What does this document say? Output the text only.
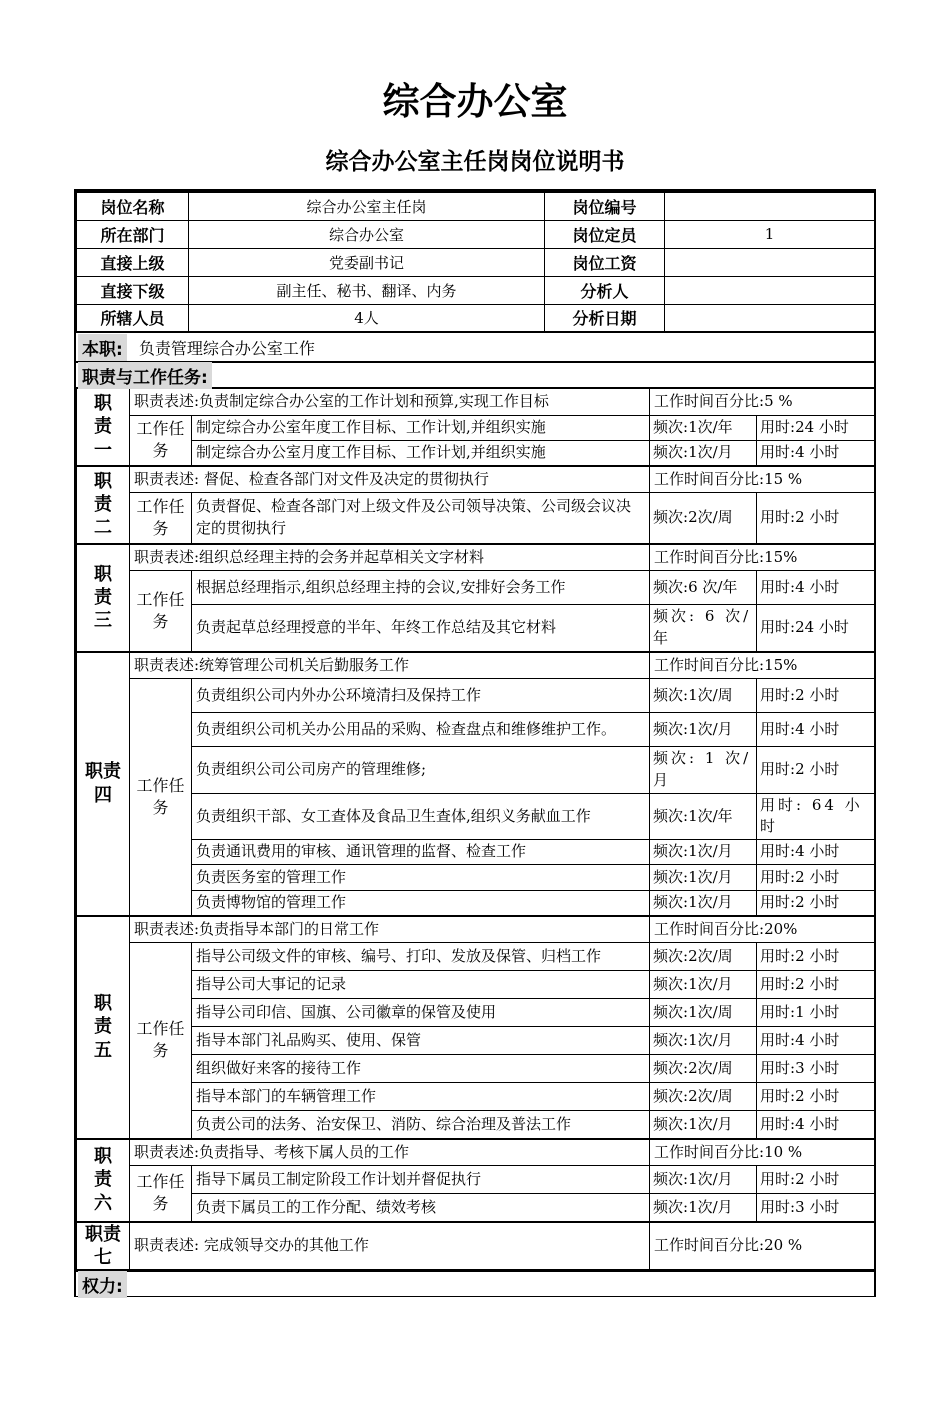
综合办公室
综合办公室主任岗岗位说明书
岗位名称	综合办公室主任岗	岗位编号	
所在部门	综合办公室	岗位定员	1
直接上级	党委副书记	岗位工资	
直接下级	副主任、秘书、翻译、内务	分析人	
所辖人员	4人	分析日期	
本职: 负责管理综合办公室工作
职责与工作任务:
职责一	职责表述:负责制定综合办公室的工作计划和预算,实现工作目标		工作时间百分比:5 %	
	工作任务	制定综合办公室年度工作目标、工作计划,并组织实施	频次:1次/年	用时:24 小时
		制定综合办公室月度工作目标、工作计划,并组织实施	频次:1次/月	用时:4 小时
职责二	职责表述: 督促、检查各部门对文件及决定的贯彻执行		工作时间百分比:15 %	
	工作任务	负责督促、检查各部门对上级文件及公司领导决策、公司级会议决定的贯彻执行	频次:2次/周	用时:2 小时
职责三	职责表述:组织总经理主持的会务并起草相关文字材料		工作时间百分比:15%	
	工作任务	根据总经理指示,组织总经理主持的会议,安排好会务工作	频次:6 次/年	用时:4 小时
		负责起草总经理授意的半年、年终工作总结及其它材料	频次: 6 次/年	用时:24 小时
职责四	职责表述:统筹管理公司机关后勤服务工作		工作时间百分比:15%	
	工作任务	负责组织公司内外办公环境清扫及保持工作	频次:1次/周	用时:2 小时
		负责组织公司机关办公用品的采购、检查盘点和维修维护工作。	频次:1次/月	用时:4 小时
		负责组织公司公司房产的管理维修;	频次: 1 次/月	用时:2 小时
		负责组织干部、女工查体及食品卫生查体,组织义务献血工作	频次:1次/年	用时: 64 小时
		负责通讯费用的审核、通讯管理的监督、检查工作	频次:1次/月	用时:4 小时
		负责医务室的管理工作	频次:1次/月	用时:2 小时
		负责博物馆的管理工作	频次:1次/月	用时:2 小时
职责五	职责表述:负责指导本部门的日常工作		工作时间百分比:20%	
	工作任务	指导公司级文件的审核、编号、打印、发放及保管、归档工作	频次:2次/周	用时:2 小时
		指导公司大事记的记录	频次:1次/月	用时:2 小时
		指导公司印信、国旗、公司徽章的保管及使用	频次:1次/周	用时:1 小时
		指导本部门礼品购买、使用、保管	频次:1次/月	用时:4 小时
		组织做好来客的接待工作	频次:2次/周	用时:3 小时
		指导本部门的车辆管理工作	频次:2次/周	用时:2 小时
		负责公司的法务、治安保卫、消防、综合治理及普法工作	频次:1次/月	用时:4 小时
职责六	职责表述:负责指导、考核下属人员的工作		工作时间百分比:10 %	
	工作任务	指导下属员工制定阶段工作计划并督促执行	频次:1次/月	用时:2 小时
		负责下属员工的工作分配、绩效考核	频次:1次/月	用时:3 小时
职责七	职责表述: 完成领导交办的其他工作		工作时间百分比:20 %	
权力:
